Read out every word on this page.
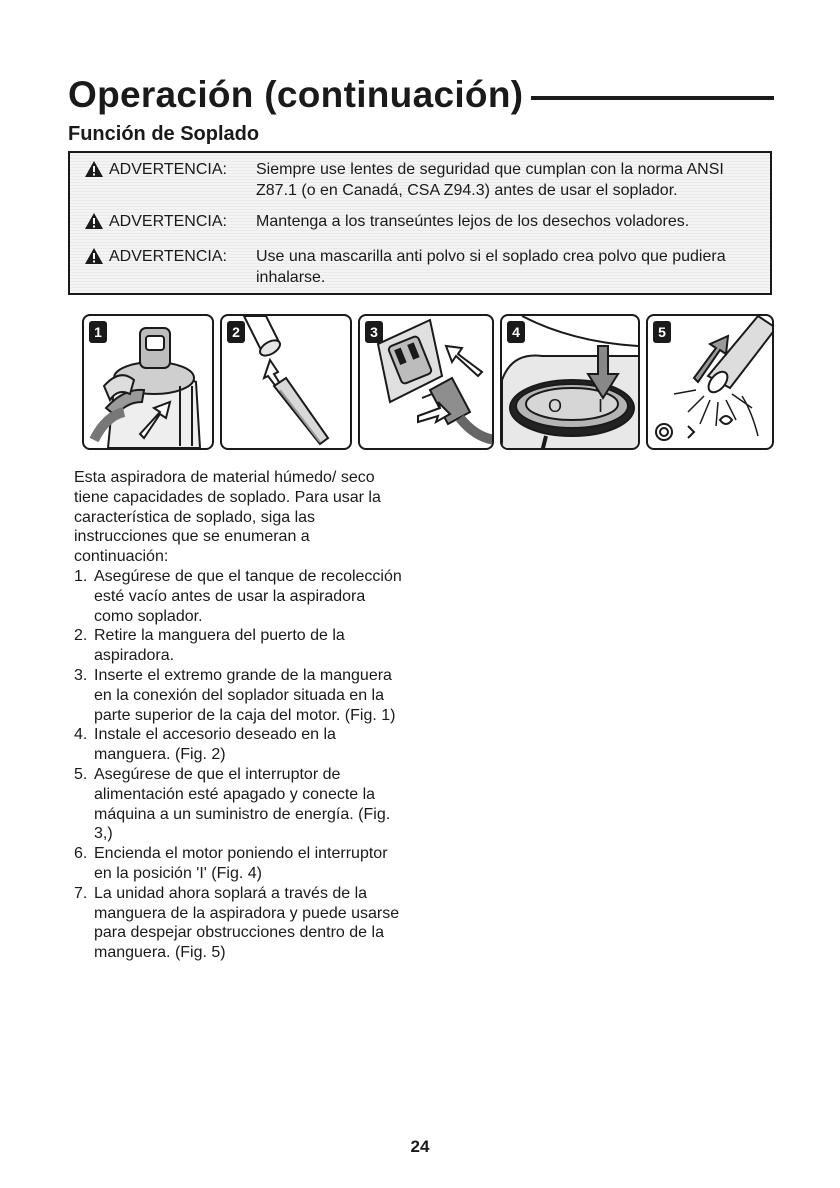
Operación (continuación)
Función de Soplado
ADVERTENCIA: Siempre use lentes de seguridad que cumplan con la norma ANSI Z87.1 (o en Canadá, CSA Z94.3) antes de usar el soplador.
ADVERTENCIA: Mantenga a los transeúntes lejos de los desechos voladores.
ADVERTENCIA: Use una mascarilla anti polvo si el soplado crea polvo que pudiera inhalarse.
1	2	3	4
O I
5

Esta aspiradora de material húmedo/ seco tiene capacidades de soplado. Para usar la característica de soplado, siga las instrucciones que se enumeran a continuación:

1. Asegúrese de que el tanque de recolección esté vacío antes de usar la aspiradora como soplador.
2. Retire la manguera del puerto de la aspiradora.
3. Inserte el extremo grande de la manguera en la conexión del soplador situada en la parte superior de la caja del motor. (Fig. 1)
4. Instale el accesorio deseado en la manguera. (Fig. 2)
5. Asegúrese de que el interruptor de alimentación esté apagado y conecte la máquina a un suministro de energía. (Fig. 3,)
6. Encienda el motor poniendo el interruptor en la posición 'I' (Fig. 4)
7. La unidad ahora soplará a través de la manguera de la aspiradora y puede usarse para despejar obstrucciones dentro de la manguera. (Fig. 5)
24
